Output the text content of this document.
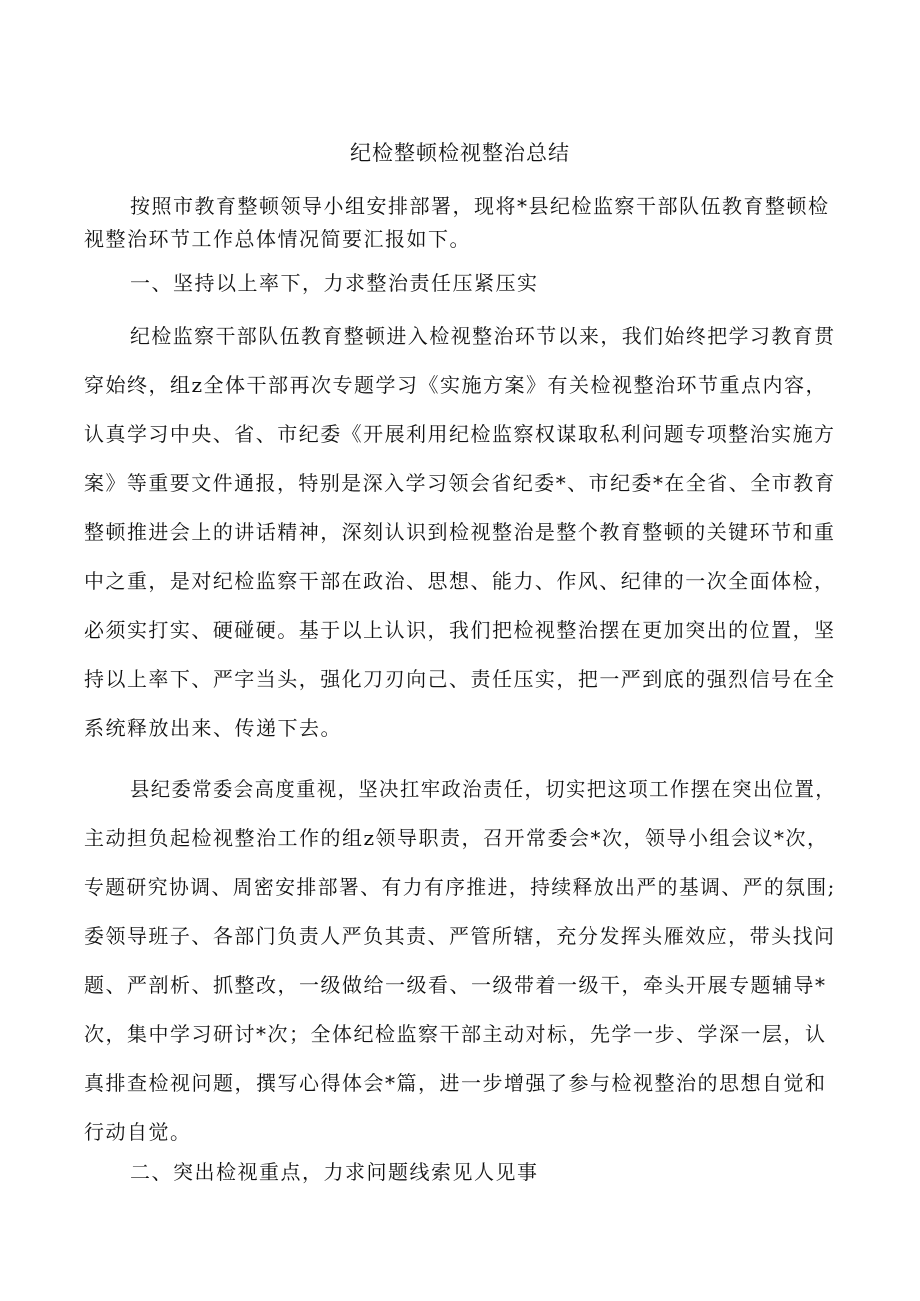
纪检整顿检视整治总结
按照市教育整顿领导小组安排部署，现将*县纪检监察干部队伍教育整顿检
视整治环节工作总体情况简要汇报如下。
一、坚持以上率下，力求整治责任压紧压实
纪检监察干部队伍教育整顿进入检视整治环节以来，我们始终把学习教育贯
穿始终，组z全体干部再次专题学习《实施方案》有关检视整治环节重点内容，
认真学习中央、省、市纪委《开展利用纪检监察权谋取私利问题专项整治实施方
案》等重要文件通报，特别是深入学习领会省纪委*、市纪委*在全省、全市教育
整顿推进会上的讲话精神，深刻认识到检视整治是整个教育整顿的关键环节和重
中之重，是对纪检监察干部在政治、思想、能力、作风、纪律的一次全面体检，
必须实打实、硬碰硬。基于以上认识，我们把检视整治摆在更加突出的位置，坚
持以上率下、严字当头，强化刀刃向己、责任压实，把一严到底的强烈信号在全
系统释放出来、传递下去。
县纪委常委会高度重视，坚决扛牢政治责任，切实把这项工作摆在突出位置，
主动担负起检视整治工作的组z领导职责，召开常委会*次，领导小组会议*次，
专题研究协调、周密安排部署、有力有序推进，持续释放出严的基调、严的氛围;
委领导班子、各部门负责人严负其责、严管所辖，充分发挥头雁效应，带头找问
题、严剖析、抓整改，一级做给一级看、一级带着一级干，牵头开展专题辅导*
次，集中学习研讨*次；全体纪检监察干部主动对标，先学一步、学深一层，认
真排查检视问题，撰写心得体会*篇，进一步增强了参与检视整治的思想自觉和
行动自觉。
二、突出检视重点，力求问题线索见人见事
